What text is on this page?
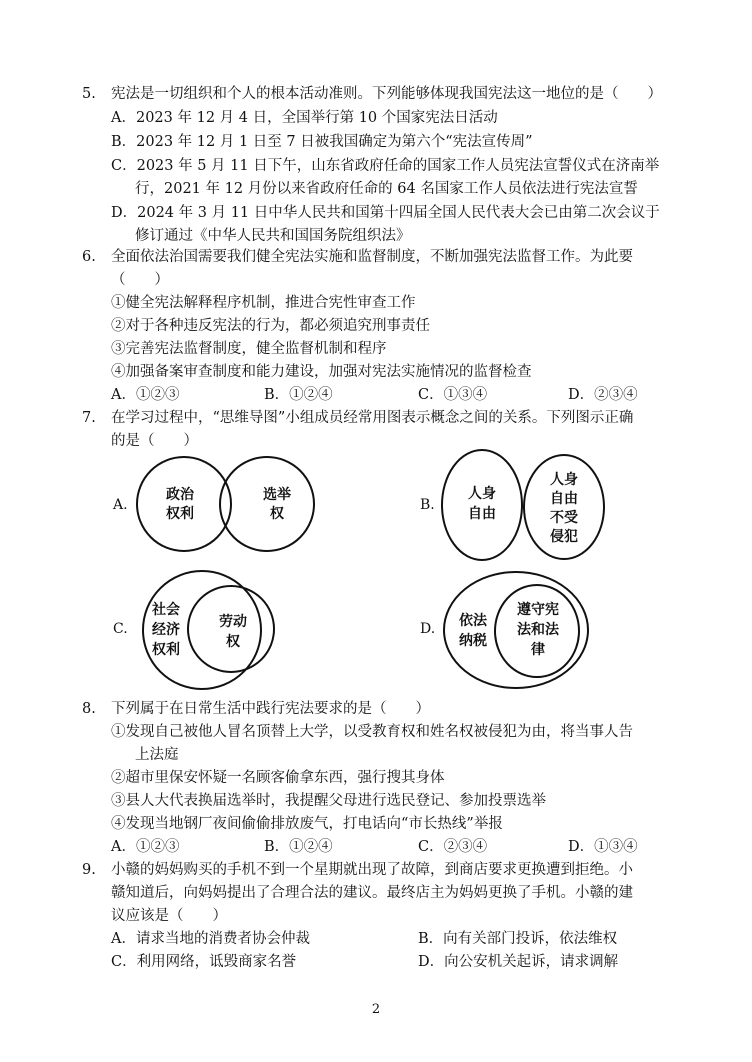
5. 宪法是一切组织和个人的根本活动准则。下列能够体现我国宪法这一地位的是（　　）
A．2023 年 12 月 4 日，全国举行第 10 个国家宪法日活动
B．2023 年 12 月 1 日至 7 日被我国确定为第六个“宪法宣传周”
C．2023 年 5 月 11 日下午，山东省政府任命的国家工作人员宪法宣誓仪式在济南举
行，2021 年 12 月份以来省政府任命的 64 名国家工作人员依法进行宪法宣誓
D．2024 年 3 月 11 日中华人民共和国第十四届全国人民代表大会已由第二次会议于
修订通过《中华人民共和国国务院组织法》
6. 全面依法治国需要我们健全宪法实施和监督制度，不断加强宪法监督工作。为此要
（　　）
①健全宪法解释程序机制，推进合宪性审查工作
②对于各种违反宪法的行为，都必须追究刑事责任
③完善宪法监督制度，健全监督机制和程序
④加强备案审查制度和能力建设，加强对宪法实施情况的监督检查
A．①②③	B．①②④	C．①③④	D．②③④
7. 在学习过程中，“思维导图”小组成员经常用图表示概念之间的关系。下列图示正确
的是（　　）
A.
政治
权利
选举
权
B.
人身
自由
人身
自由
不受
侵犯
C.
社会
经济
权利
劳动
权
D. 依法
纳税
遵守宪
法和法
律
8. 下列属于在日常生活中践行宪法要求的是（　　）
①发现自己被他人冒名顶替上大学，以受教育权和姓名权被侵犯为由，将当事人告
上法庭
②超市里保安怀疑一名顾客偷拿东西，强行搜其身体
③县人大代表换届选举时，我提醒父母进行选民登记、参加投票选举
④发现当地钢厂夜间偷偷排放废气，打电话向“市长热线”举报
A．①②③	B．①②④	C．②③④	D．①③④
9. 小赣的妈妈购买的手机不到一个星期就出现了故障，到商店要求更换遭到拒绝。小
赣知道后，向妈妈提出了合理合法的建议。最终店主为妈妈更换了手机。小赣的建
议应该是（　　）
A．请求当地的消费者协会仲裁	B．向有关部门投诉，依法维权
C．利用网络，诋毁商家名誉	D．向公安机关起诉，请求调解
2
